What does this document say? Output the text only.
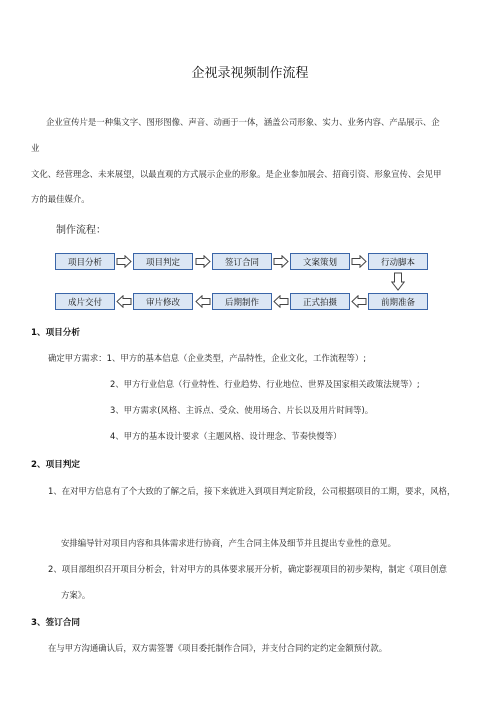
企视录视频制作流程
企业宣传片是一种集文字、图形图像、声音、动画于一体，涵盖公司形象、实力、业务内容、产品展示、企
业
文化、经营理念、未来展望，以最直观的方式展示企业的形象。是企业参加展会、招商引资、形象宣传、会见甲
方的最佳媒介。
制作流程：
项目分析	项目判定	签订合同	文案策划	行动脚本
成片交付	审片修改	后期制作	正式拍摄	前期准备
1、项目分析
确定甲方需求：1、甲方的基本信息（企业类型，产品特性，企业文化，工作流程等）;
2、甲方行业信息（行业特性、行业趋势、行业地位、世界及国家相关政策法规等）;
3、甲方需求(风格、主诉点、受众、使用场合、片长以及用片时间等)。
4、甲方的基本设计要求（主题风格、设计理念、节奏快慢等）
2、项目判定
1、在对甲方信息有了个大致的了解之后，接下来就进入到项目判定阶段，公司根据项目的工期，要求，风格，
安排编导针对项目内容和具体需求进行协商，产生合同主体及细节并且提出专业性的意见。
2、项目部组织召开项目分析会，针对甲方的具体要求展开分析，确定影视项目的初步架构，制定《项目创意
方案》。
3、签订合同
在与甲方沟通确认后，双方需签署《项目委托制作合同》，并支付合同约定约定金额预付款。
